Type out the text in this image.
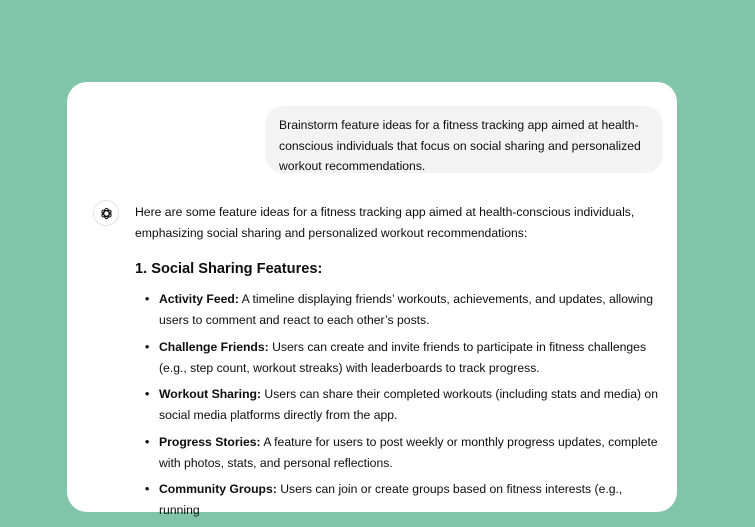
Brainstorm feature ideas for a fitness tracking app aimed at health-conscious individuals that focus on social sharing and personalized workout recommendations.

Here are some feature ideas for a fitness tracking app aimed at health-conscious individuals, emphasizing social sharing and personalized workout recommendations:

1. Social Sharing Features:
• Activity Feed: A timeline displaying friends’ workouts, achievements, and updates, allowing users to comment and react to each other’s posts.
• Challenge Friends: Users can create and invite friends to participate in fitness challenges (e.g., step count, workout streaks) with leaderboards to track progress.
• Workout Sharing: Users can share their completed workouts (including stats and media) on social media platforms directly from the app.
• Progress Stories: A feature for users to post weekly or monthly progress updates, complete with photos, stats, and personal reflections.
• Community Groups: Users can join or create groups based on fitness interests (e.g., running
